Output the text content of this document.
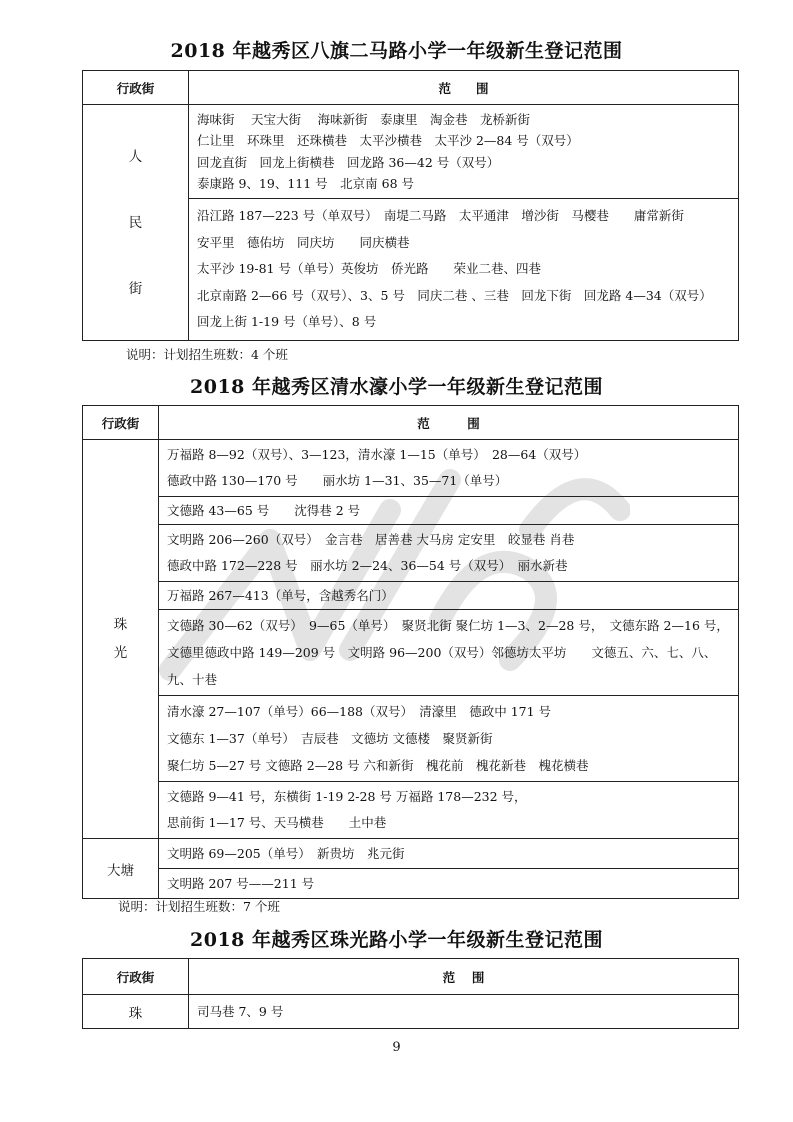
2018 年越秀区八旗二马路小学一年级新生登记范围
行政街	范　　围

人
民
街	海味街　 天宝大街　 海味新街　泰康里　淘金巷　龙桥新街
仁让里　环珠里　还珠横巷　太平沙横巷　太平沙 2—84 号（双号）
回龙直街　回龙上街横巷　回龙路 36—42 号（双号）
泰康路 9、19、111 号　北京南 68 号

	沿江路 187—223 号（单双号）　南堤二马路　太平通津　增沙街　马樱巷　　庸常新街
安平里　德佑坊　同庆坊　　同庆横巷
太平沙 19-81 号（单号）英俊坊　侨光路　　荣业二巷、四巷
北京南路 2—66 号（双号）、3、5 号　同庆二巷 、三巷　回龙下街　回龙路 4—34（双号）　回龙上街 1-19 号（单号）、8 号
说明：计划招生班数：4 个班
2018 年越秀区清水濠小学一年级新生登记范围
行政街	范　　　围

珠
光	万福路 8—92（双号）、3—123，清水濠 1—15（单号）　28—64（双号）
德政中路 130—170 号　　丽水坊 1—31、35—71（单号）

	文德路 43—65 号　　沈得巷 2 号

	文明路 206—260（双号）　金言巷　居善巷 大马房 定安里　皎显巷 肖巷
德政中路 172—228 号　丽水坊 2—24、36—54 号（双号）　丽水新巷

	万福路 267—413（单号，含越秀名门）

	文德路 30—62（双号）　9—65（单号）　聚贤北街 聚仁坊 1—3、2—28 号，　文德东路 2—16 号，文德里德政中路 149—209 号　文明路 96—200（双号）邻德坊太平坊　　文德五、六、七、八、九、十巷

	清水濠 27—107（单号）66—188（双号）　清濠里　德政中 171 号
文德东 1—37（单号）　吉辰巷　文德坊 文德楼　聚贤新街
聚仁坊 5—27 号 文德路 2—28 号 六和新街　槐花前　槐花新巷　槐花横巷

	文德路 9—41 号，东横街 1-19 2-28 号 万福路 178—232 号，
思前街 1—17 号、天马横巷　　土中巷

大塘	文明路 69—205（单号）　新贵坊　兆元街

	文明路 207 号——211 号
说明：计划招生班数：7 个班
2018 年越秀区珠光路小学一年级新生登记范围
行政街	范　 围
珠	司马巷 7、9 号
9
